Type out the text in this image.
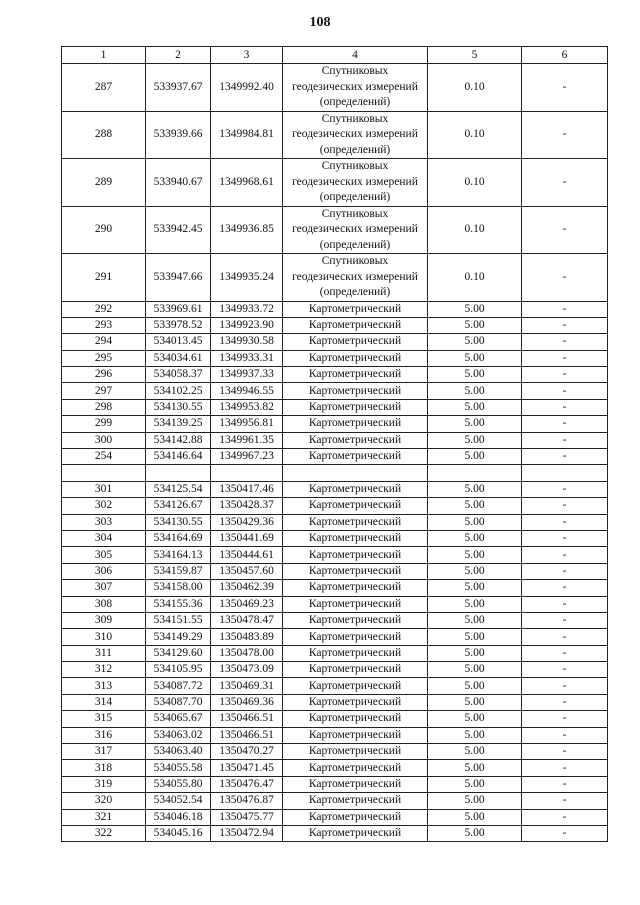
108
1	2	3	4	5	6
287	533937.67	1349992.40	Спутниковых геодезических измерений (определений)	0.10	-
288	533939.66	1349984.81	Спутниковых геодезических измерений (определений)	0.10	-
289	533940.67	1349968.61	Спутниковых геодезических измерений (определений)	0.10	-
290	533942.45	1349936.85	Спутниковых геодезических измерений (определений)	0.10	-
291	533947.66	1349935.24	Спутниковых геодезических измерений (определений)	0.10	-
292	533969.61	1349933.72	Картометрический	5.00	-
293	533978.52	1349923.90	Картометрический	5.00	-
294	534013.45	1349930.58	Картометрический	5.00	-
295	534034.61	1349933.31	Картометрический	5.00	-
296	534058.37	1349937.33	Картометрический	5.00	-
297	534102.25	1349946.55	Картометрический	5.00	-
298	534130.55	1349953.82	Картометрический	5.00	-
299	534139.25	1349956.81	Картометрический	5.00	-
300	534142.88	1349961.35	Картометрический	5.00	-
254	534146.64	1349967.23	Картометрический	5.00	-

301	534125.54	1350417.46	Картометрический	5.00	-
302	534126.67	1350428.37	Картометрический	5.00	-
303	534130.55	1350429.36	Картометрический	5.00	-
304	534164.69	1350441.69	Картометрический	5.00	-
305	534164.13	1350444.61	Картометрический	5.00	-
306	534159.87	1350457.60	Картометрический	5.00	-
307	534158.00	1350462.39	Картометрический	5.00	-
308	534155.36	1350469.23	Картометрический	5.00	-
309	534151.55	1350478.47	Картометрический	5.00	-
310	534149.29	1350483.89	Картометрический	5.00	-
311	534129.60	1350478.00	Картометрический	5.00	-
312	534105.95	1350473.09	Картометрический	5.00	-
313	534087.72	1350469.31	Картометрический	5.00	-
314	534087.70	1350469.36	Картометрический	5.00	-
315	534065.67	1350466.51	Картометрический	5.00	-
316	534063.02	1350466.51	Картометрический	5.00	-
317	534063.40	1350470.27	Картометрический	5.00	-
318	534055.58	1350471.45	Картометрический	5.00	-
319	534055.80	1350476.47	Картометрический	5.00	-
320	534052.54	1350476.87	Картометрический	5.00	-
321	534046.18	1350475.77	Картометрический	5.00	-
322	534045.16	1350472.94	Картометрический	5.00	-
